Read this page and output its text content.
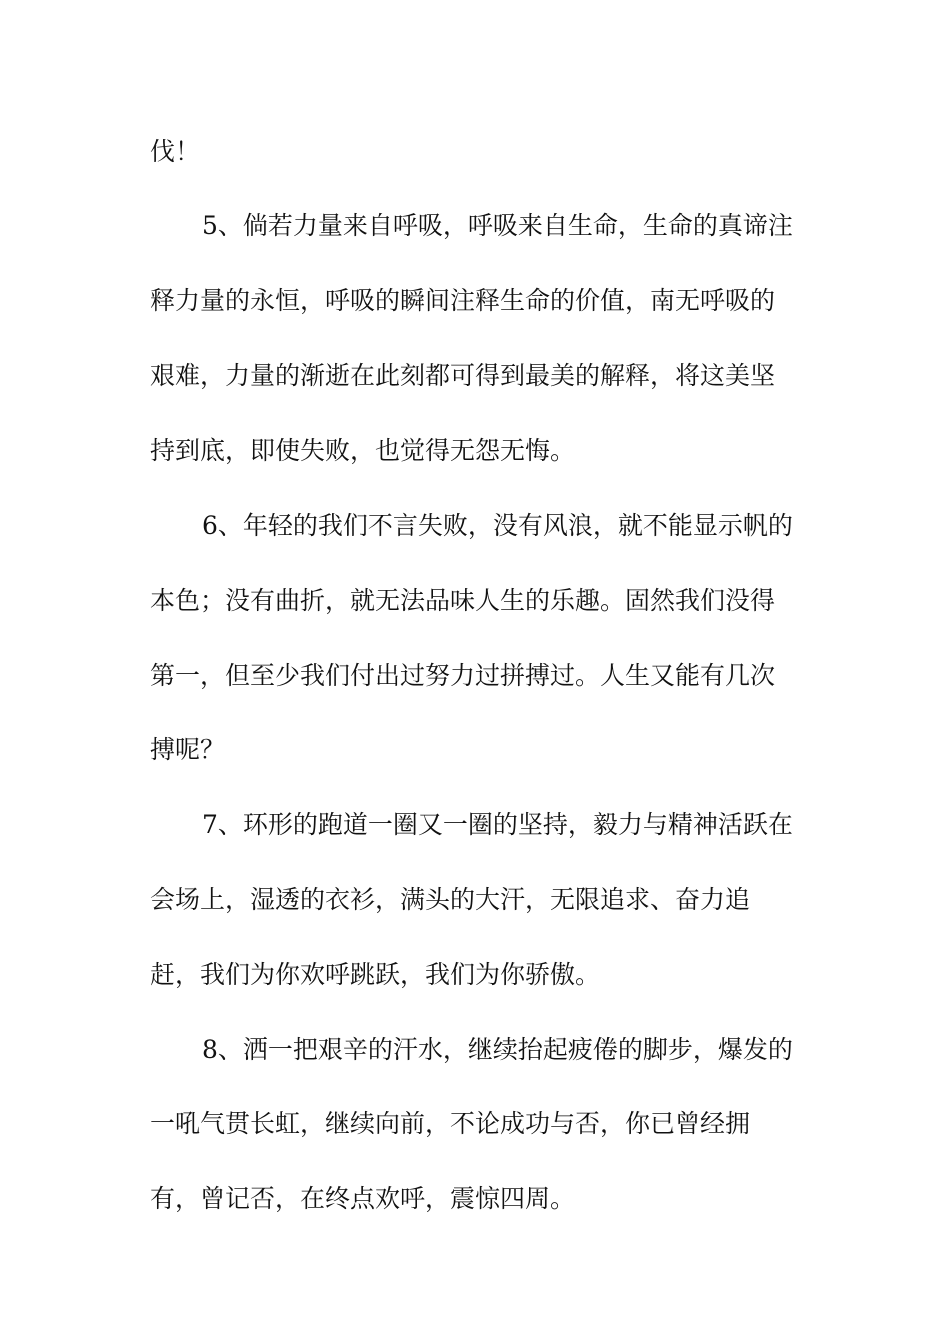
伐！
5、倘若力量来自呼吸，呼吸来自生命，生命的真谛注
释力量的永恒，呼吸的瞬间注释生命的价值，南无呼吸的
艰难，力量的渐逝在此刻都可得到最美的解释，将这美坚
持到底，即使失败，也觉得无怨无悔。
6、年轻的我们不言失败，没有风浪，就不能显示帆的
本色；没有曲折，就无法品味人生的乐趣。固然我们没得
第一，但至少我们付出过努力过拼搏过。人生又能有几次
搏呢？
7、环形的跑道一圈又一圈的坚持，毅力与精神活跃在
会场上，湿透的衣衫，满头的大汗，无限追求、奋力追
赶，我们为你欢呼跳跃，我们为你骄傲。
8、洒一把艰辛的汗水，继续抬起疲倦的脚步，爆发的
一吼气贯长虹，继续向前，不论成功与否，你已曾经拥
有，曾记否，在终点欢呼，震惊四周。
